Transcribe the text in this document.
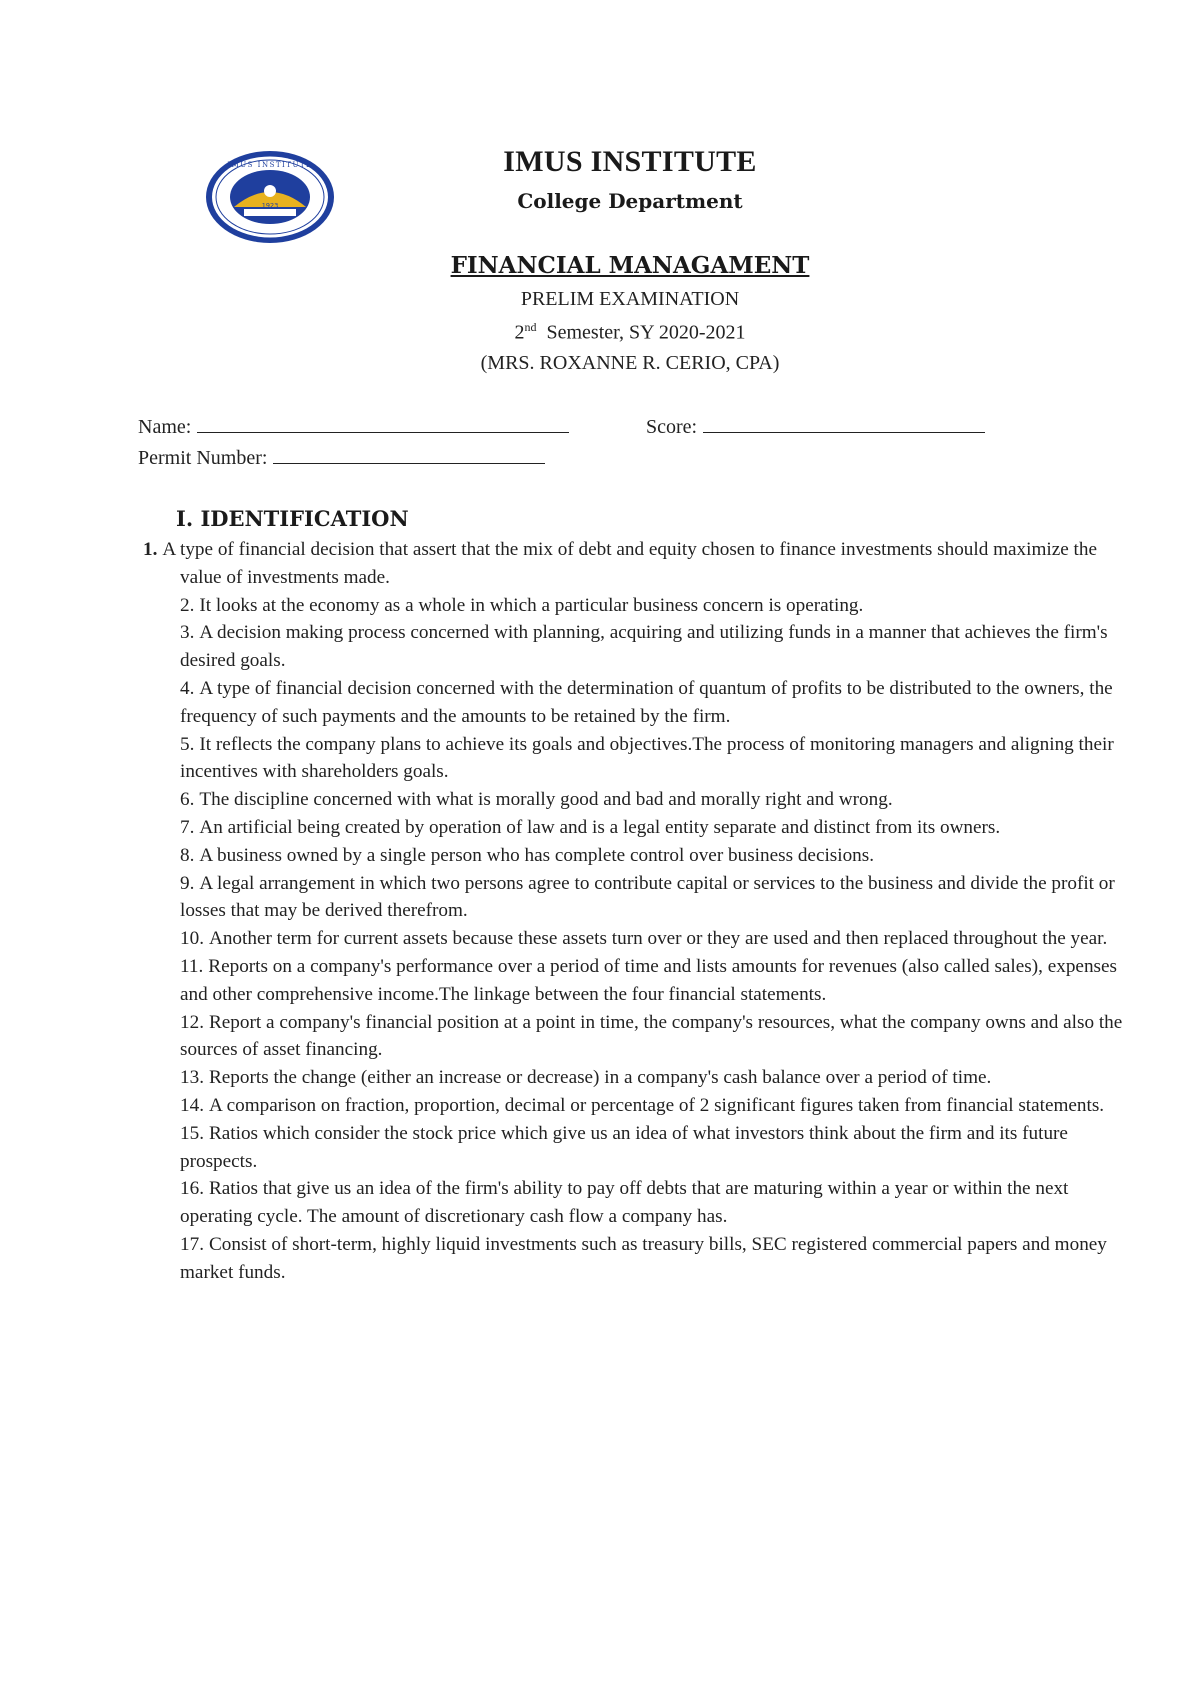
1923
IMUS INSTITUTE	IMUS INSTITUTE
College Department
FINANCIAL MANAGAMENT
PRELIM EXAMINATION
2nd  Semester, SY 2020-2021
(MRS. ROXANNE R. CERIO, CPA)
Name:	Score:
Permit Number:
I. IDENTIFICATION
1. A type of financial decision that assert that the mix of debt and equity chosen to finance investments should maximize the value of investments made.
2. It looks at the economy as a whole in which a particular business concern is operating.
3. A decision making process concerned with planning, acquiring and utilizing funds in a manner that achieves the firm's desired goals.
4. A type of financial decision concerned with the determination of quantum of profits to be distributed to the owners, the frequency of such payments and the amounts to be retained by the firm.
5. It reflects the company plans to achieve its goals and objectives.The process of monitoring managers and aligning their incentives with shareholders goals.
6. The discipline concerned with what is morally good and bad and morally right and wrong.
7. An artificial being created by operation of law and is a legal entity separate and distinct from its owners.
8. A business owned by a single person who has complete control over business decisions.
9. A legal arrangement in which two persons agree to contribute capital or services to the business and divide the profit or losses that may be derived therefrom.
10. Another term for current assets because these assets turn over or they are used and then replaced throughout the year.
11. Reports on a company's performance over a period of time and lists amounts for revenues (also called sales), expenses and other comprehensive income.The linkage between the four financial statements.
12. Report a company's financial position at a point in time, the company's resources, what the company owns and also the sources of asset financing.
13. Reports the change (either an increase or decrease) in a company's cash balance over a period of time.
14. A comparison on fraction, proportion, decimal or percentage of 2 significant figures taken from financial statements.
15. Ratios which consider the stock price which give us an idea of what investors think about the firm and its future prospects.
16. Ratios that give us an idea of the firm's ability to pay off debts that are maturing within a year or within the next operating cycle. The amount of discretionary cash flow a company has.
17. Consist of short-term, highly liquid investments such as treasury bills, SEC registered commercial papers and money market funds.
